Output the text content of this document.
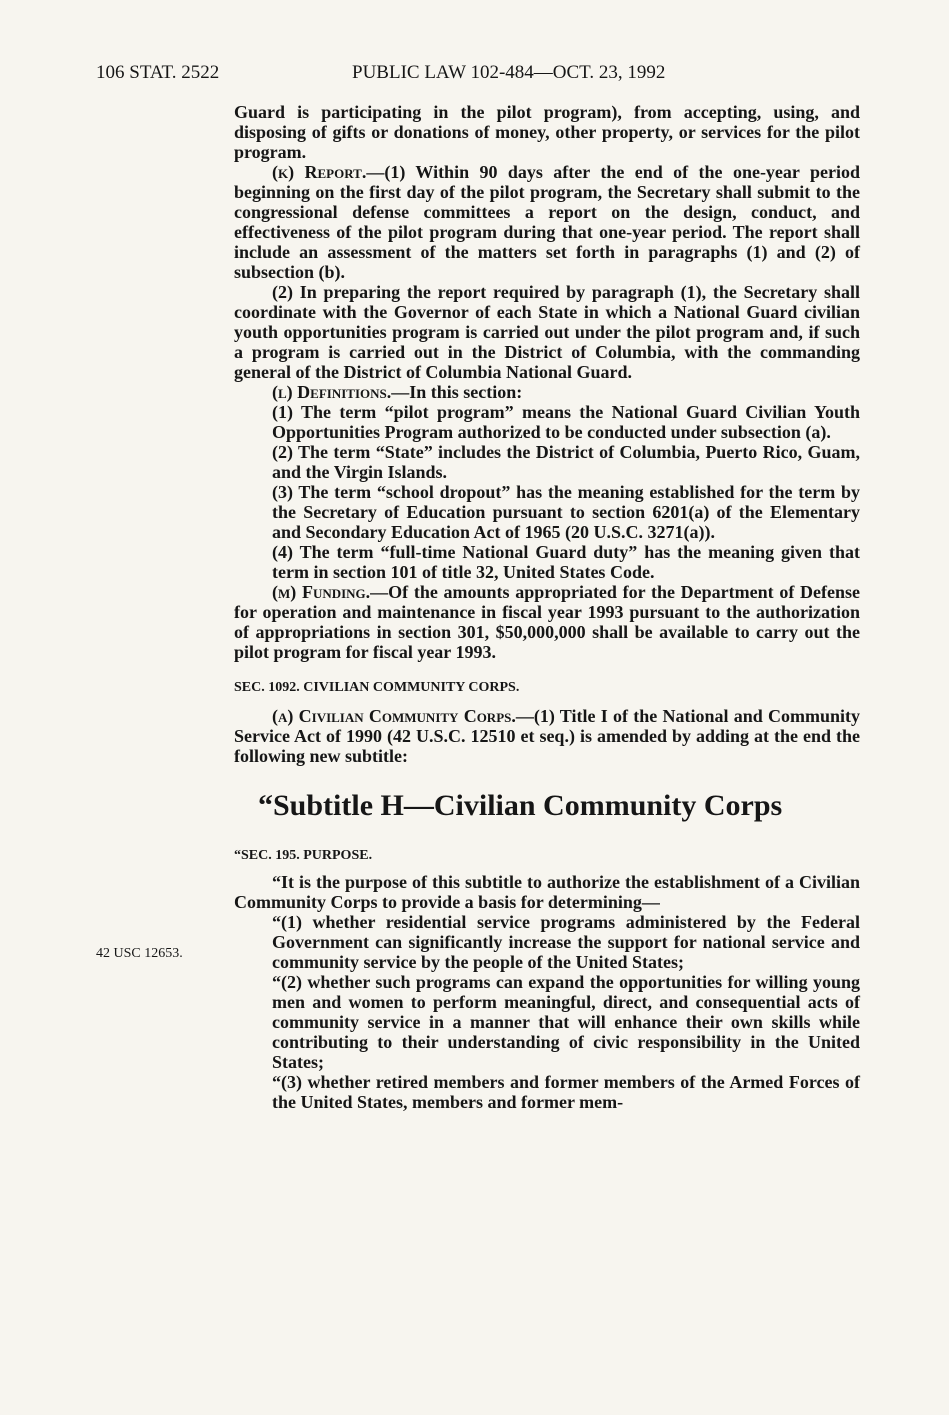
106 STAT. 2522	PUBLIC LAW 102-484—OCT. 23, 1992
42 USC 12653.

Guard is participating in the pilot program), from accepting, using, and disposing of gifts or donations of money, other property, or services for the pilot program.

(k) Report.—(1) Within 90 days after the end of the one-year period beginning on the first day of the pilot program, the Secretary shall submit to the congressional defense committees a report on the design, conduct, and effectiveness of the pilot program during that one-year period. The report shall include an assessment of the matters set forth in paragraphs (1) and (2) of subsection (b).

(2) In preparing the report required by paragraph (1), the Secretary shall coordinate with the Governor of each State in which a National Guard civilian youth opportunities program is carried out under the pilot program and, if such a program is carried out in the District of Columbia, with the commanding general of the District of Columbia National Guard.

(l) Definitions.—In this section:

(1) The term “pilot program” means the National Guard Civilian Youth Opportunities Program authorized to be conducted under subsection (a).

(2) The term “State” includes the District of Columbia, Puerto Rico, Guam, and the Virgin Islands.

(3) The term “school dropout” has the meaning established for the term by the Secretary of Education pursuant to section 6201(a) of the Elementary and Secondary Education Act of 1965 (20 U.S.C. 3271(a)).

(4) The term “full-time National Guard duty” has the meaning given that term in section 101 of title 32, United States Code.

(m) Funding.—Of the amounts appropriated for the Department of Defense for operation and maintenance in fiscal year 1993 pursuant to the authorization of appropriations in section 301, $50,000,000 shall be available to carry out the pilot program for fiscal year 1993.

SEC. 1092. CIVILIAN COMMUNITY CORPS.

(a) Civilian Community Corps.—(1) Title I of the National and Community Service Act of 1990 (42 U.S.C. 12510 et seq.) is amended by adding at the end the following new subtitle:

“Subtitle H—Civilian Community Corps

“SEC. 195. PURPOSE.

“It is the purpose of this subtitle to authorize the establishment of a Civilian Community Corps to provide a basis for determining—

“(1) whether residential service programs administered by the Federal Government can significantly increase the support for national service and community service by the people of the United States;

“(2) whether such programs can expand the opportunities for willing young men and women to perform meaningful, direct, and consequential acts of community service in a manner that will enhance their own skills while contributing to their understanding of civic responsibility in the United States;

“(3) whether retired members and former members of the Armed Forces of the United States, members and former mem-
